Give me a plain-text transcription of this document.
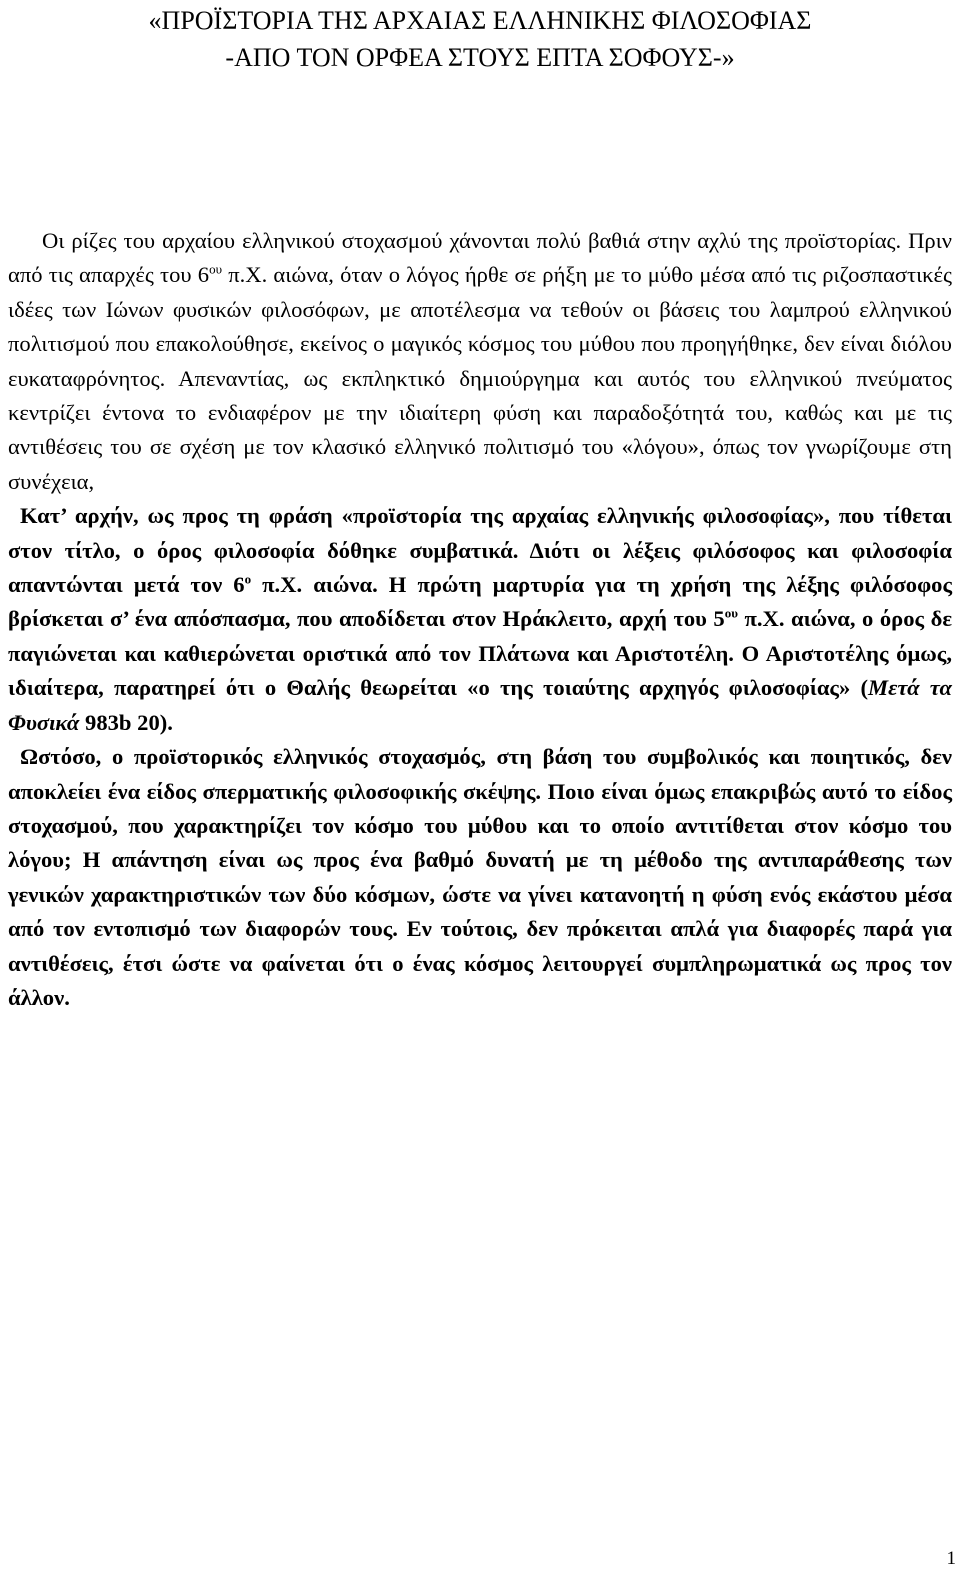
«ΠΡΟΪΣΤΟΡΙΑ ΤΗΣ ΑΡΧΑΙΑΣ ΕΛΛΗΝΙΚΗΣ ΦΙΛΟΣΟΦΙΑΣ
-ΑΠΟ ΤΟΝ ΟΡΦΕΑ ΣΤΟΥΣ ΕΠΤΑ ΣΟΦΟΥΣ-»

Οι ρίζες του αρχαίου ελληνικού στοχασμού χάνονται πολύ βαθιά στην αχλύ της προϊστορίας. Πριν από τις απαρχές του $6^{o\upsilon}$ π.Χ. αιώνα, όταν ο λόγος ήρθε σε ρήξη με το μύθο μέσα από τις ριζοσπαστικές ιδέες των Ιώνων φυσικών φιλοσόφων, με αποτέλεσμα να τεθούν οι βάσεις του λαμπρού ελληνικού πολιτισμού που επακολούθησε, εκείνος ο μαγικός κόσμος του μύθου που προηγήθηκε, δεν είναι διόλου ευκαταφρόνητος. Απεναντίας, ως εκπληκτικό δημιούργημα και αυτός του ελληνικού πνεύματος κεντρίζει έντονα το ενδιαφέρον με την ιδιαίτερη φύση και παραδοξότητά του, καθώς και με τις αντιθέσεις του σε σχέση με τον κλασικό ελληνικό πολιτισμό του «λόγου», όπως τον γνωρίζουμε στη συνέχεια,

Κατ’ αρχήν, ως προς τη φράση «προϊστορία της αρχαίας ελληνικής φιλοσοφίας», που τίθεται στον τίτλο, ο όρος φιλοσοφία δόθηκε συμβατικά. Διότι οι λέξεις φιλόσοφος και φιλοσοφία απαντώνται μετά τον $6^o$ π.Χ. αιώνα. Η πρώτη μαρτυρία για τη χρήση της λέξης φιλόσοφος βρίσκεται σ’ ένα απόσπασμα, που αποδίδεται στον Ηράκλειτο, αρχή του $5^{o\upsilon}$ π.Χ. αιώνα, ο όρος δε παγιώνεται και καθιερώνεται οριστικά από τον Πλάτωνα και Αριστοτέλη. Ο Αριστοτέλης όμως, ιδιαίτερα, παρατηρεί ότι ο Θαλής θεωρείται «ο της τοιαύτης αρχηγός φιλοσοφίας» (Μετά τα Φυσικά 983b 20).

Ωστόσο, ο προϊστορικός ελληνικός στοχασμός, στη βάση του συμβολικός και ποιητικός, δεν αποκλείει ένα είδος σπερματικής φιλοσοφικής σκέψης. Ποιο είναι όμως επακριβώς αυτό το είδος στοχασμού, που χαρακτηρίζει τον κόσμο του μύθου και το οποίο αντιτίθεται στον κόσμο του λόγου; Η απάντηση είναι ως προς ένα βαθμό δυνατή με τη μέθοδο της αντιπαράθεσης των γενικών χαρακτηριστικών των δύο κόσμων, ώστε να γίνει κατανοητή η φύση ενός εκάστου μέσα από τον εντοπισμό των διαφορών τους. Εν τούτοις, δεν πρόκειται απλά για διαφορές παρά για αντιθέσεις, έτσι ώστε να φαίνεται ότι ο ένας κόσμος λειτουργεί συμπληρωματικά ως προς τον άλλον.

1
